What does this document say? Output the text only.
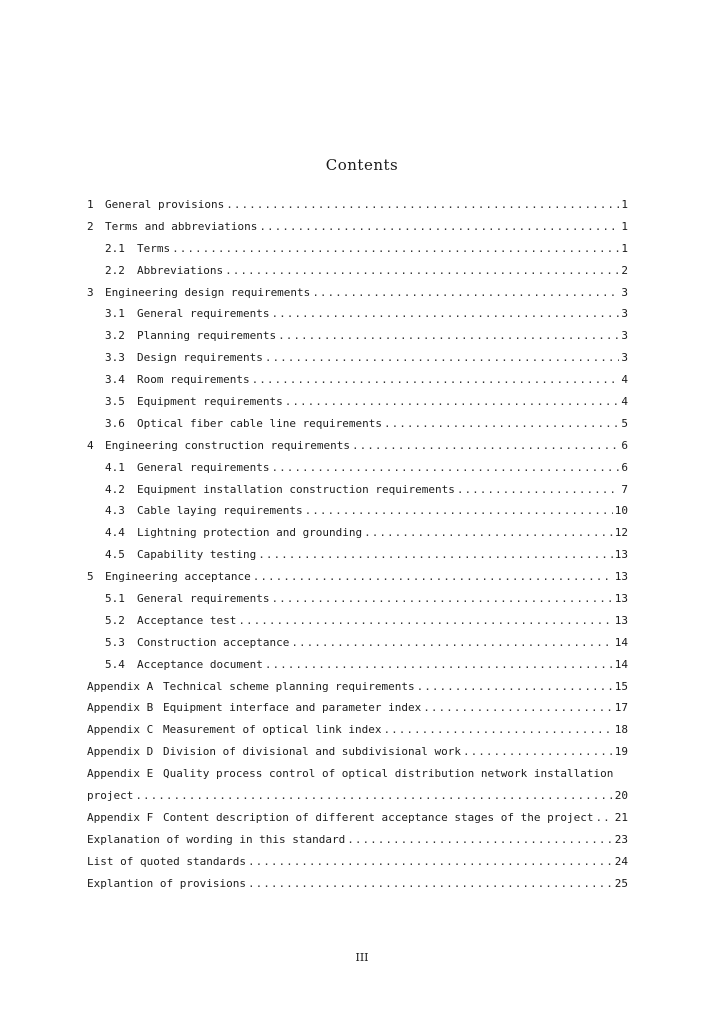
Contents
1	General provisions .....	1
2	Terms and abbreviations .....	1
2.1	Terms .....	1
2.2	Abbreviations .....	2
3	Engineering design requirements .....	3
3.1	General requirements .....	3
3.2	Planning requirements .....	3
3.3	Design requirements .....	3
3.4	Room requirements .....	4
3.5	Equipment requirements .....	4
3.6	Optical fiber cable line requirements .....	5
4	Engineering construction requirements .....	6
4.1	General requirements .....	6
4.2	Equipment installation construction requirements .....	7
4.3	Cable laying requirements .....	10
4.4	Lightning protection and grounding .....	12
4.5	Capability testing .....	13
5	Engineering acceptance .....	13
5.1	General requirements .....	13
5.2	Acceptance test .....	13
5.3	Construction acceptance .....	14
5.4	Acceptance document .....	14
Appendix A Technical scheme planning requirements .....	15
Appendix B Equipment interface and parameter index .....	17
Appendix C Measurement of optical link index .....	18
Appendix D Division of divisional and subdivisional work .....	19
Appendix E Quality process control of optical distribution network installation
project .....	20
Appendix F Content description of different acceptance stages of the project ..... 21
Explanation of wording in this standard .....	23
List of quoted standards .....	24
Explantion of provisions .....	25
III
